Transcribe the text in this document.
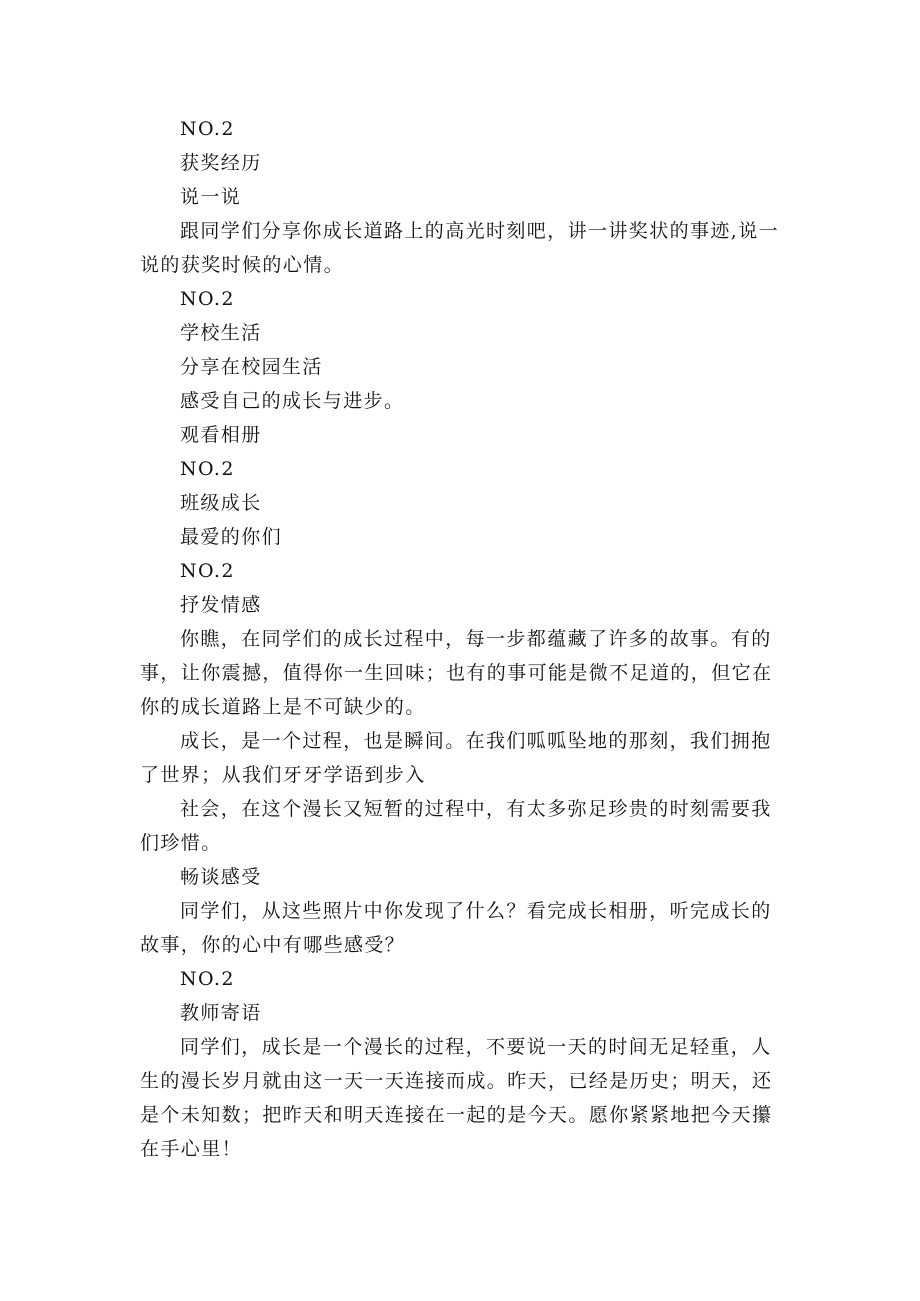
NO.2

获奖经历

说一说

跟同学们分享你成长道路上的高光时刻吧，讲一讲奖状的事迹,说一说的获奖时候的心情。

NO.2

学校生活

分享在校园生活

感受自己的成长与进步。

观看相册

NO.2

班级成长

最爱的你们

NO.2

抒发情感

你瞧，在同学们的成长过程中，每一步都蕴藏了许多的故事。有的事，让你震撼，值得你一生回味；也有的事可能是微不足道的，但它在你的成长道路上是不可缺少的。

成长，是一个过程，也是瞬间。在我们呱呱坠地的那刻，我们拥抱了世界；从我们牙牙学语到步入

社会，在这个漫长又短暂的过程中，有太多弥足珍贵的时刻需要我们珍惜。

畅谈感受

同学们，从这些照片中你发现了什么？看完成长相册，听完成长的故事，你的心中有哪些感受？

NO.2

教师寄语

同学们，成长是一个漫长的过程，不要说一天的时间无足轻重，人生的漫长岁月就由这一天一天连接而成。昨天，已经是历史；明天，还是个未知数；把昨天和明天连接在一起的是今天。愿你紧紧地把今天攥在手心里！
